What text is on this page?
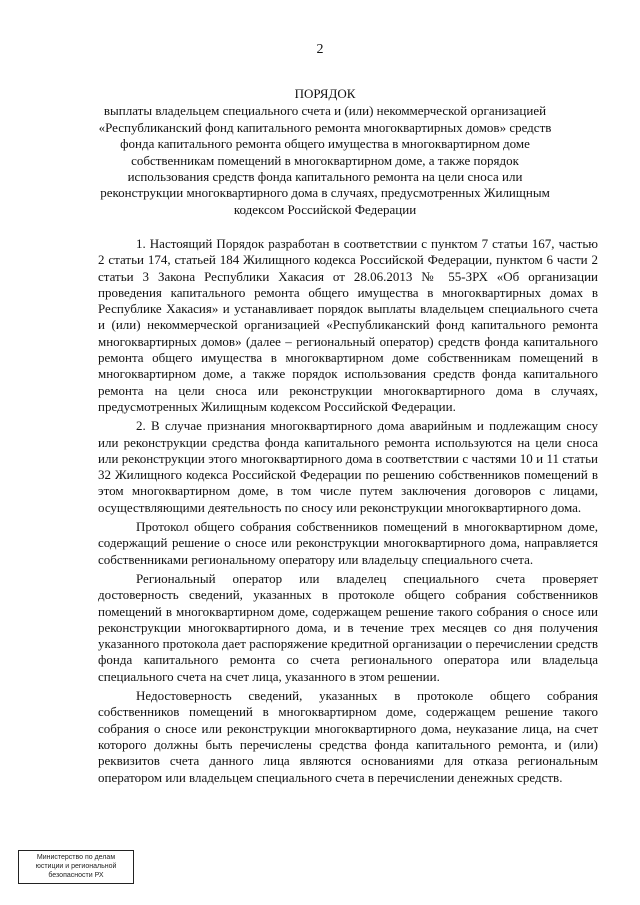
2
ПОРЯДОК
выплаты владельцем специального счета и (или) некоммерческой организацией «Республиканский фонд капитального ремонта многоквартирных домов» средств фонда капитального ремонта общего имущества в многоквартирном доме собственникам помещений в многоквартирном доме, а также порядок использования средств фонда капитального ремонта на цели сноса или реконструкции многоквартирного дома в случаях, предусмотренных Жилищным кодексом Российской Федерации

1. Настоящий Порядок разработан в соответствии с пунктом 7 статьи 167, частью 2 статьи 174, статьей 184 Жилищного кодекса Российской Федерации, пунктом 6 части 2 статьи 3 Закона Республики Хакасия от 28.06.2013 № 55-ЗРХ «Об организации проведения капитального ремонта общего имущества в многоквартирных домах в Республике Хакасия» и устанавливает порядок выплаты владельцем специального счета и (или) некоммерческой организацией «Республиканский фонд капитального ремонта многоквартирных домов» (далее – региональный оператор) средств фонда капитального ремонта общего имущества в многоквартирном доме собственникам помещений в многоквартирном доме, а также порядок использования средств фонда капитального ремонта на цели сноса или реконструкции многоквартирного дома в случаях, предусмотренных Жилищным кодексом Российской Федерации.

2. В случае признания многоквартирного дома аварийным и подлежащим сносу или реконструкции средства фонда капитального ремонта используются на цели сноса или реконструкции этого многоквартирного дома в соответствии с частями 10 и 11 статьи 32 Жилищного кодекса Российской Федерации по решению собственников помещений в этом многоквартирном доме, в том числе путем заключения договоров с лицами, осуществляющими деятельность по сносу или реконструкции многоквартирного дома.

Протокол общего собрания собственников помещений в многоквартирном доме, содержащий решение о сносе или реконструкции многоквартирного дома, направляется собственниками региональному оператору или владельцу специального счета.

Региональный оператор или владелец специального счета проверяет достоверность сведений, указанных в протоколе общего собрания собственников помещений в многоквартирном доме, содержащем решение такого собрания о сносе или реконструкции многоквартирного дома, и в течение трех месяцев со дня получения указанного протокола дает распоряжение кредитной организации о перечислении средств фонда капитального ремонта со счета регионального оператора или владельца специального счета на счет лица, указанного в этом решении.

Недостоверность сведений, указанных в протоколе общего собрания собственников помещений в многоквартирном доме, содержащем решение такого собрания о сносе или реконструкции многоквартирного дома, неуказание лица, на счет которого должны быть перечислены средства фонда капитального ремонта, и (или) реквизитов счета данного лица являются основаниями для отказа региональным оператором или владельцем специального счета в перечислении денежных средств.

Министерство по делам
юстиции и региональной
безопасности РХ
